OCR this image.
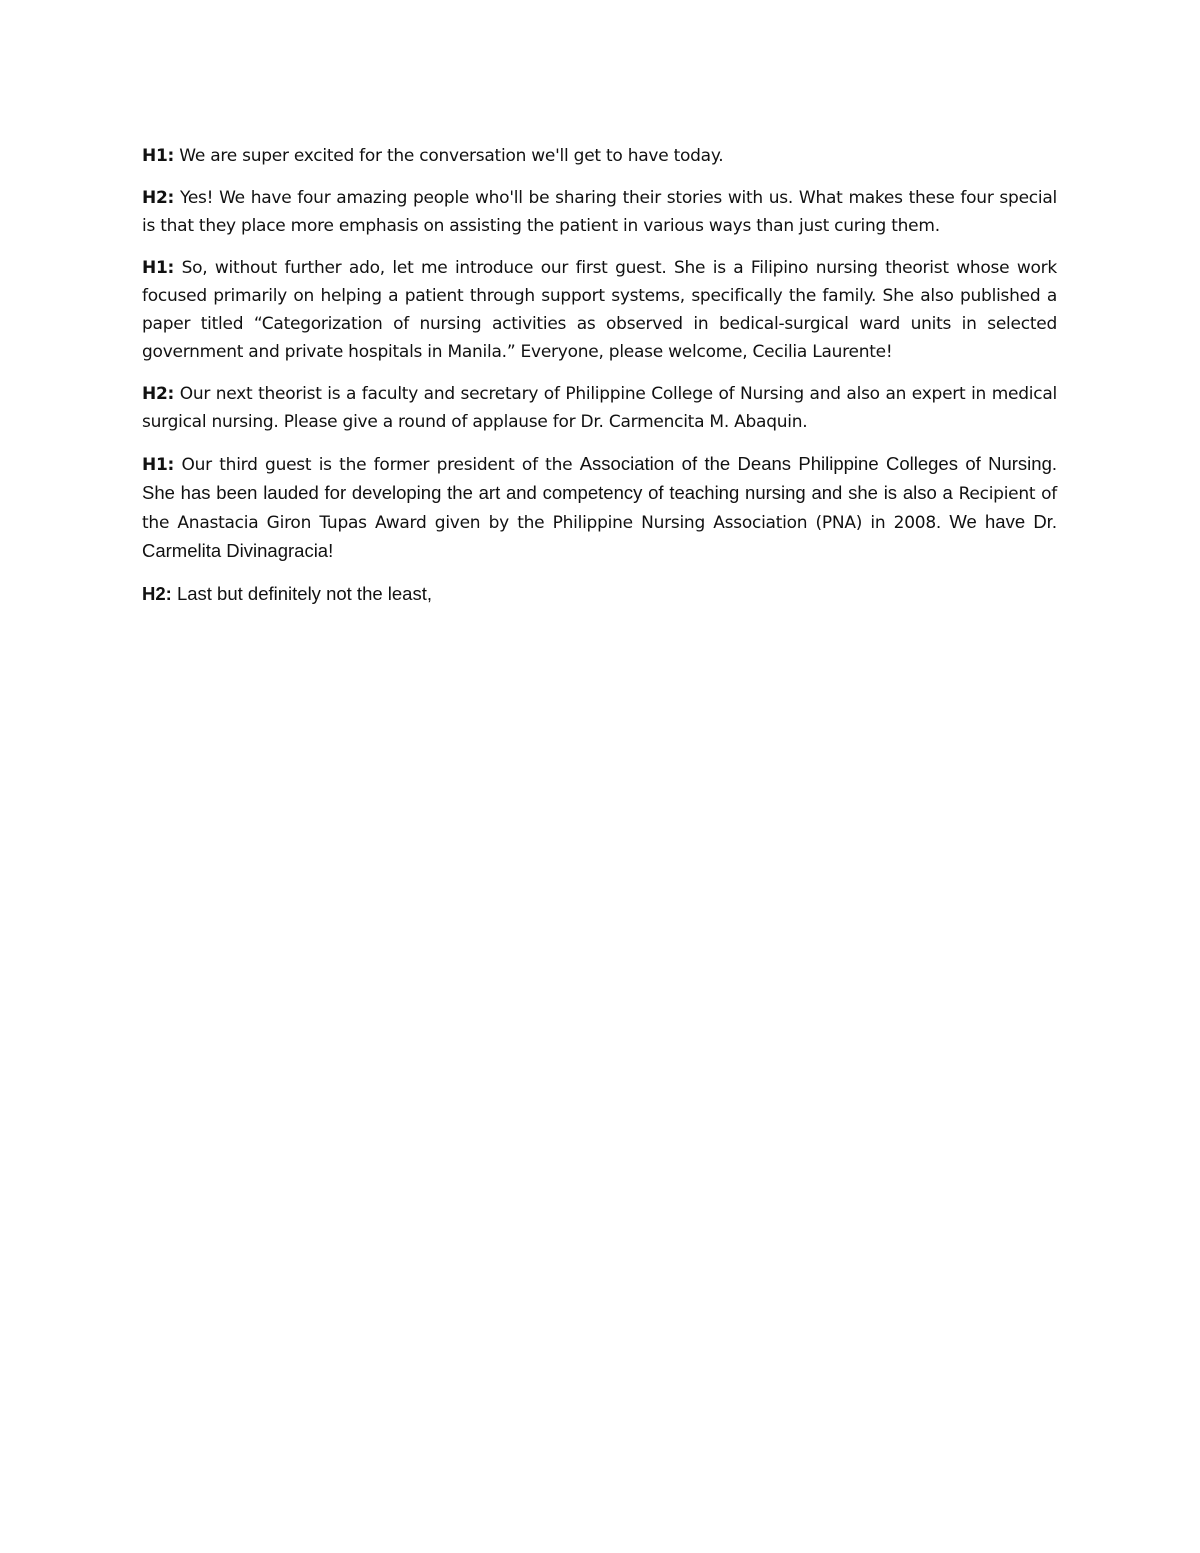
H1: We are super excited for the conversation we'll get to have today.

H2: Yes! We have four amazing people who'll be sharing their stories with us. What makes these four special is that they place more emphasis on assisting the patient in various ways than just curing them.

H1: So, without further ado, let me introduce our first guest. She is a Filipino nursing theorist whose work focused primarily on helping a patient through support systems, specifically the family. She also published a paper titled “Categorization of nursing activities as observed in bedical-surgical ward units in selected government and private hospitals in Manila.” Everyone, please welcome, Cecilia Laurente!

H2: Our next theorist is a faculty and secretary of Philippine College of Nursing and also an expert in medical surgical nursing. Please give a round of applause for Dr. Carmencita M. Abaquin.

H1: Our third guest is the former president of the Association of the Deans Philippine Colleges of Nursing. She has been lauded for developing the art and competency of teaching nursing and she is also a Recipient of the Anastacia Giron Tupas Award given by the Philippine Nursing Association (PNA) in 2008. We have Dr. Carmelita Divinagracia!

H2: Last but definitely not the least,
